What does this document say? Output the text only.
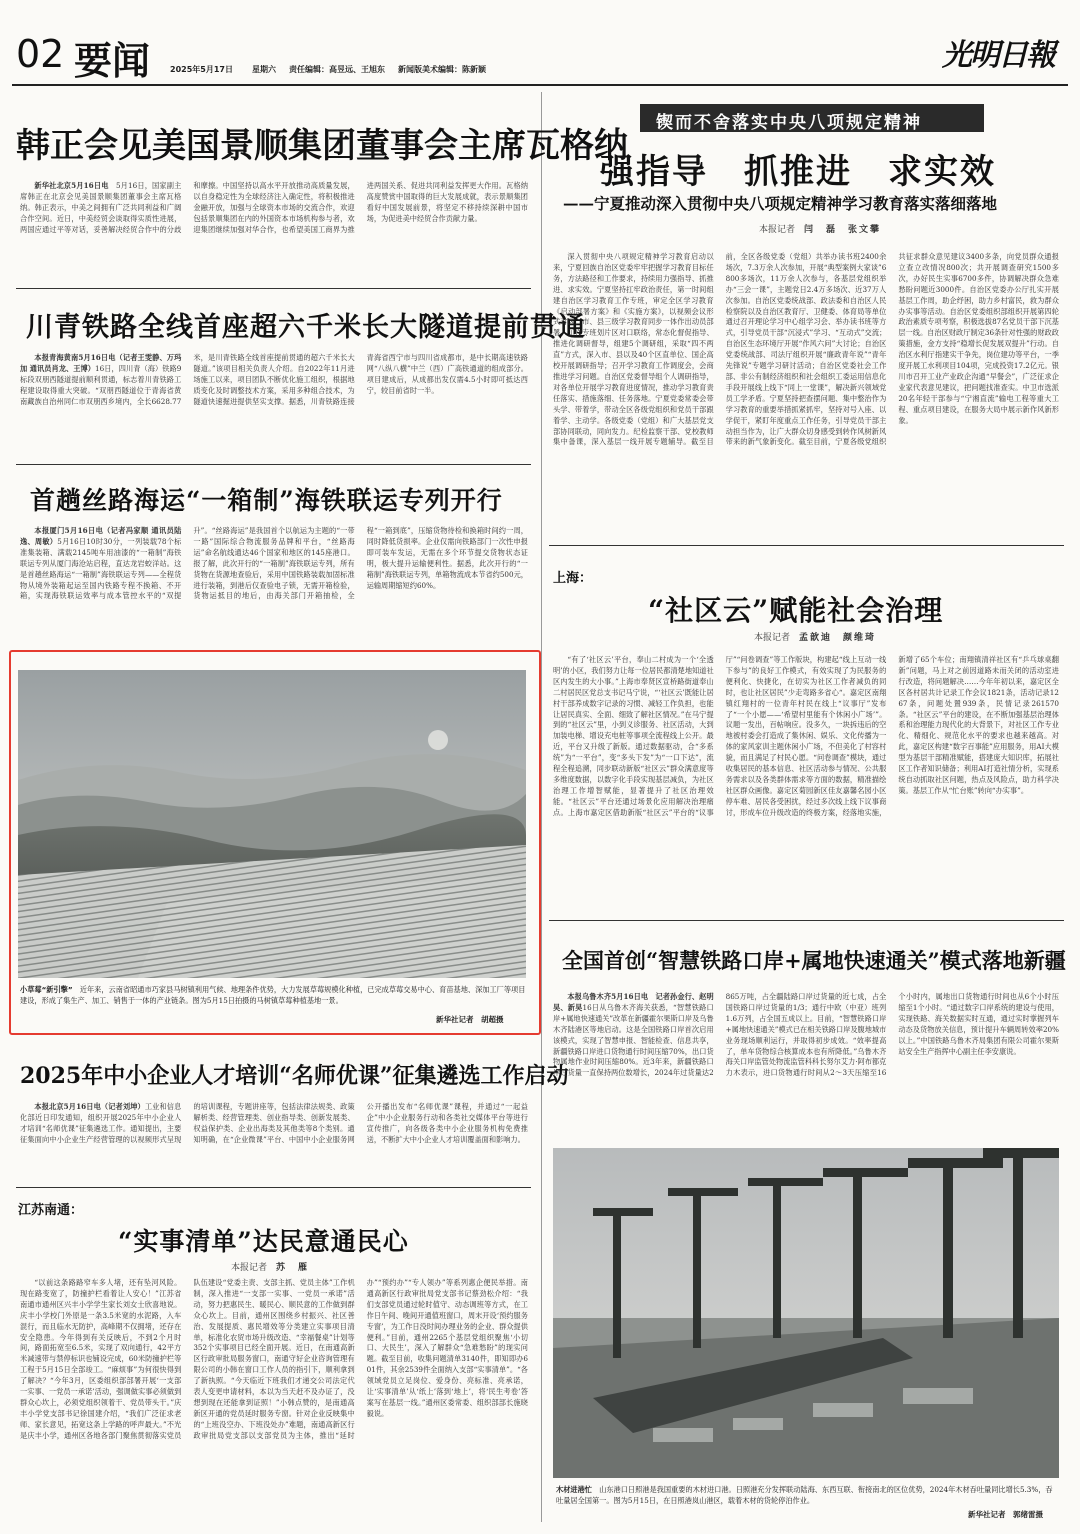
02 要闻 2025年5月17日 星期六 责任编辑：高昱远、王旭东 新闻版美术编辑：陈新颖	光明日報
韩正会见美国景顺集团董事会主席瓦格纳

新华社北京5月16日电　 5月16日，国家副主席韩正在北京会见美国景顺集团董事会主席瓦格纳。韩正表示，中美之间拥有广泛共同利益和广阔合作空间。近日，中美经贸会谈取得实质性进展，两国应通过平等对话，妥善解决经贸合作中的分歧和摩擦。中国坚持以高水平开放推动高质量发展，以自身稳定性为全球经济注入确定性，将积极推进金融开放，加强与全球资本市场的交流合作，欢迎包括景顺集团在内的外国资本市场机构参与者，欢迎集团继续加强对华合作，也希望美国工商界为推进两国关系、促进共同利益发挥更大作用。瓦格纳高度赞赏中国取得的巨大发展成就，表示景顺集团看好中国发展前景，将坚定不移持续深耕中国市场，为促进美中经贸合作贡献力量。

川青铁路全线首座超六千米长大隧道提前贯通

本报青海黄南5月16日电（记者王雯静、万玛加 通讯员肖龙、王博）16日，四川青（海）铁路9标段双朋西隧道提前顺利贯通，标志着川青铁路工程建设取得重大突破。“双朋西隧道位于青海省黄南藏族自治州同仁市双朋西乡境内，全长6628.77米，是川青铁路全线首座提前贯通的超六千米长大隧道。”该项目相关负责人介绍。自2022年11月进场施工以来，项目团队不断优化施工组织，根据地质变化及时调整技术方案，采用多种组合技术，为隧道快速掘进提供坚实支撑。据悉，川青铁路连接青海省西宁市与四川省成都市，是中长期高速铁路网“八纵八横”中兰（西）广高铁通道的组成部分。项目建成后，从成都出发仅需4.5小时即可抵达西宁，较目前省时一半。

首趟丝路海运“一箱制”海铁联运专列开行

本报厦门5月16日电（记者冯家顺 通讯员陆逸、周敏）5月16日10时30分，一列装载78个标准集装箱、满载2145吨车用油漆的“一箱制”海铁联运专列从厦门海沧站启程，直达龙岩蛟洋站。这是首趟丝路海运“一箱制”海铁联运专列——全程货物从境外装箱起运至国内铁路专程不换箱、不开箱，实现海铁联运效率与成本管控水平的“双提升”。“丝路海运”是我国首个以航运为主题的“一带一路”国际综合物流服务品牌和平台，“丝路海运”命名航线通达46个国家和地区的145座港口。报了解，此次开行的“一箱制”海铁联运专列，所有货物在货源地查验后，采用中国铁路装载加固标准进行装箱，到港后仅查验电子锁，无需开箱检验，货物运抵目的地后，由海关部门开箱抽检，全程“一箱到底”，压缩货物待检和换箱时间约一周，同时降低货损率。企业仅需向铁路部门一次性申报即可装车发运，无需在多个环节提交货物状态证明，极大提升运输便利性。据悉，此次开行的“一箱制”海铁联运专列，单箱物流成本节省约500元，运输周期缩短约60%。

小草莓“新引擎”　 近年来，云南省昭通市巧家县马树镇利用气候、地理条件优势，大力发展草莓规模化种植，已完成草莓交易中心、育苗基地、深加工厂等项目建设，形成了集生产、加工、销售于一体的产业链条。图为5月15日拍摄的马树镇草莓种植基地一景。
新华社记者　胡超摄
2025年中小企业人才培训“名师优课”征集遴选工作启动

本报北京5月16日电（记者刘坤）工业和信息化部近日印发通知，组织开展2025年中小企业人才培训“名师优课”征集遴选工作。通知提出，主要征集面向中小企业生产经营管理的以视频形式呈现的培训课程，专题讲座等，包括法律法规类、政策解析类、经营管理类、创业指导类、创新发展类、权益保护类、企业出海类及其他类等8个类别。通知明确，在“企业微课”平台、中国中小企业服务网公开播出发布“名师优课”课程，并通过“一起益企”中小企业服务行动和各类社交媒体平台等进行宣传推广，向各级各类中小企业服务机构免费推送，不断扩大中小企业人才培训覆盖面和影响力。

江苏南通：
“实事清单”达民意通民心
本报记者　 苏　雁

“以前这条路路窄车多人堵，还有坠河风险。现在路变宽了，防撞护栏看着让人安心！”江苏省南通市通州区兴丰小学学生家长刘女士欣喜地说。庆丰小学校门外原是一条3.5米宽的水泥路，入车混行，而且临水无防护，高峰期不仅拥堵，还存在安全隐患。今年得到有关反映后，不到2个月时间，路面拓宽至6.5米，实现了双向通行，42平方米减速带与禁停标识也铺设完成，60米防撞护栏等工程于5月15日全部竣工。“麻烦事”为何很快得到了解决？“今年3月，区委组织部部署开展‘一支部一实事、一党员一承诺’活动，强调做实事必须做到群众心坎上，必须党组织领着干、党员带头干。”庆丰小学党支部书记徐国建介绍，“我们广泛征求老师、家长意见，拓宽这条上学路的呼声最大。”不光是庆丰小学，通州区各地各部门聚焦贯彻落实党员队伍建设“党委主责、支部主抓、党员主体”工作机制，深入推进“一支部一实事、一党员一承诺”活动，努力把惠民生、暖民心、顺民意的工作做到群众心坎上。目前，通州区围绕乡村振兴、社区善治、发展提质、惠民增效等分类建立实事项目清单，标准化农贸市场升级改造、“幸福餐桌”计划等352个实事项目已经全面开展。近日，在南通高新区行政审批局服务窗口，南通守好企业咨询管理有限公司的小韩在窗口工作人员的指引下，顺利拿到了新执照。“今天临近下班我们才递交公司法定代表人变更申请材料，本以为当天赶不及办证了，没想到现在还能拿到证照！”小韩点赞的，是南通高新区开通的党员延时服务专窗。针对企业反映集中的“上班没空办、下班没处办”难题，南通高新区行政审批局党支部以支部党员为主体，推出“延时办”“预约办”“专人领办”等系列惠企便民举措。南通高新区行政审批局党支部书记蔡劲松介绍：“我们支部党员通过轮时值守、动态调班等方式，在工作日午间、晚间开通值班窗口，周末开设‘预约服务专窗’，为工作日没时间办理业务的企业、群众提供便利。”目前，通州2265个基层党组织聚焦‘小切口、大民生’，深入了解群众“急难愁盼”的现实问题。截至目前，收集问题清单3140件，即知即办601件，其余2539件全面纳入支部“实事清单”。“各领域党员立足岗位、爱身份、亮标准、亮承诺，让‘实事清单’从‘纸上’落到‘地上’，将‘民生考卷’答案写在基层一线。”通州区委常委、组织部部长施晓毅说。

锲而不舍落实中央八项规定精神
强指导　抓推进　求实效
——宁夏推动深入贯彻中央八项规定精神学习教育落实落细落地
本报记者　 闫　磊　张文攀

深入贯彻中央八项规定精神学习教育启动以来，宁夏回族自治区党委牢牢把握学习教育目标任务，方法路径和工作要求，持续用力强指导、抓推进、求实效。宁夏坚持扛牢政治责任，第一时间组建自治区学习教育工作专班，审定全区学习教育《启动部署方案》和《实施方案》，以视频会议形式对区、市、县三级学习教育同步一体作出动员部署。工作专班划片区对口联络，常态化督促指导、推进化调研督导，组建5个调研组，采取“四不两直”方式，深入市、县以及40个区直单位、国企高校开展调研指导；召开学习教育工作调度会，会商推进学习问题。自治区党委督导组个人调研指导，对各单位开展学习教育进度情况，推动学习教育责任落实、措施落细、任务落地。宁夏党委常委会带头学、带着学，带动全区各级党组织和党员干部跟着学、主动学。各级党委（党组）和广大基层党支部协同联动，同向发力。纪检监察干部、党校教师集中备课，深入基层一线开展专题辅导。截至目前，全区各级党委（党组）共举办读书班2400余场次，7.3万余人次参加，开展“典型案例大家谈”6800多场次，11万余人次参与，各基层党组织举办“三会一课”，主题党日2.4万多场次、近37万人次参加。自治区党委统战部、政法委和自治区人民检察院以及自治区教育厅、卫健委、体育局等单位通过召开理论学习中心组学习会、举办读书班等方式，引导党员干部“沉浸式”学习、“互动式”交流；自治区生态环境厅开展“作风六问”大讨论；自治区党委统战部、司法厅组织开展“廉政青年说”“青年先锋说”专题学习研讨活动；自治区党委社会工作部、非公有制经济组织和社会组织工委运用信息化手段开展线上线下“同上一堂课”，解决新兴领域党员工学矛盾。宁夏坚持把查摆问题、集中整治作为学习教育的重要举措抓紧抓牢，坚持对号入座、以学促干，紧盯年度重点工作任务，引导党员干部主动担当作为，让广大群众切身感受到转作风树新风带来的新气象新变化。截至目前，宁夏各级党组织共征求群众意见建议3400多条，向党员群众通报立查立改情况800次；共开展调查研究1500多次，办好民生实事6700多件，协调解决群众急难愁盼问题近3000件。自治区党委办公厅扎实开展基层工作周，助企纾困，助力乡村富民，救为群众办实事等活动。自治区党委组织部组织开展第四轮政治素质专项考察，积极选拔87名党员干部下沉基层一线。自治区财政厅制定36条针对性强的财政政策措施，金方支持“稳增长促发展双提升”行动。自治区水利厅指建实干争先，岗位建功等平台，一季度开展工水利项目104项，完成投资17.2亿元。银川市召开工业产业政企沟通“早餐会”，广泛征求企业家代表意见建议，把问题找准查实。中卫市选派20名年轻干部参与“宁湘直流”输电工程等重大工程、重点项目建设，在服务大局中展示新作风新形象。

上海：
“社区云”赋能社会治理
本报记者　 孟歆迪　颜维琦

“有了‘社区云’平台，奉山二村成为一个‘全透明’的小区，我们努力让每一位居民都清楚地知道社区内发生的大小事。”上海市奉贤区宣桥路街道奉山二村居民区党总支书记马宁说，“‘社区云’既能让居村干部养成数字记录的习惯、减轻工作负担，也能让居民真实、全面、细致了解社区情况。”在马宁提到的“社区云”里，小到义诊服务、社区活动，大到加装电梯、增设充电桩等事项全流程线上公开。最近，平台又升级了新版。通过数据驱动，合“多系统”为“一平台”，变“多头下发”为“一口下达”，流程全程追溯，同步联动新版“社区云”群众满意度等多维度数据，以数字化手段实现基层减负，为社区治理工作增智赋能，显著提升了社区治理效能。“社区云”平台还通过场景化应用解决治理痛点。上海市嘉定区借助新版“社区云”平台的“议事厅”“问卷调查”等工作版块，构建起“线上互动一线下参与”的良好工作模式，有效实现了为民服务的便利化、快捷化，在切实为社区工作者减负的同时，也让社区居民”少走弯路多省心“。嘉定区南翔镇红翔村的一位青年村民在线上“议事厅”发布了“一个小愿——‘希望村里能有个休闲小广场’”。议题一发出，百帖响应。没多久，一块拆违后的空地被村委会打造成了集休闲、娱乐、文化传播为一体的家风家训主题休闲小广场，不但美化了村容村貌，而且满足了村民心愿。“问卷调查”模块，通过收集居民的基本信息、社区活动参与情况、公共服务需求以及各类群体需求等方面的数据，精准描绘社区群众画像。嘉定区菊园新区佳友嘉馨名园小区停车难、居民各受困扰，经过多次线上线下议事商讨，形成车位升级改造的终极方案，经落地实施，新增了65个车位；南翔镇清祥社区有“乒乓球桌翻新”问题，马上对之前因道路未而关闭的活动室进行改造，将问题解决……今年年初以来，嘉定区全区各村居共计记录工作会议1821条，活动记录1267条，问题处置939条，民情记录261570条。“社区云”平台的建设，在不断加强基层治理体系和治理能力现代化的大背景下，对社区工作专业化、精细化、规范化水平的要求也越来越高。对此，嘉定区构建“数字百事能”应用服务，用AI大模型为基层干部精准赋能，搭建庞大知识库，拓展社区工作者知识储备；利用AI打造社情分析，实现系统自动抓取社区问题，热点及风险点，助力科学决策。基层工作从“忙台账”转向“办实事”。

全国首创“智慧铁路口岸+属地快速通关”模式落地新疆

本报乌鲁木齐5月16日电　记者孙金行、赵明昊、新昊16日从乌鲁木齐海关获悉，“智慧铁路口岸+属地快速通关”改革在新疆霍尔果斯口岸及乌鲁木齐陆港区等地启动。这是全国铁路口岸首次启用该模式，实现了智慧申报、智能检查、信息共享，新疆铁路口岸进口货物通行时间压缩70%，出口货物属地作业时间压缩80%。近3年来，新疆铁路口岸过货量一直保持两位数增长，2024年过货量达2865万吨，占全疆陆路口岸过货量的近七成，占全国铁路口岸过货量的1/3；通行中欧（中亚）班列1.6万列，占全国五成以上。目前，“智慧铁路口岸+属地快速通关”模式已在相关铁路口岸及腹地城市业务现场顺利运行，并取得初步成效。“效率提高了，单车货物综合核算成本也有所降低。”乌鲁木齐海关口岸监管处物流监管科科长努尔艾力·阿布都克力木表示，进口货物通行时间从2～3天压缩至16个小时内，属地出口货物通行时间也从6个小时压缩至1个小时。“通过数字口岸系统的建设与使用，实现铁路、海关数据实时互通，通过实时掌握列车动态及货物放关信息，预计提升车辆周转效率20%以上。”中国铁路乌鲁木齐局集团有限公司霍尔果斯站安全生产指挥中心副主任李安康说。

木材进港忙　 山东港口日照港是我国重要的木材进口港。日照港充分发挥联动陆海、东西互联、衔接南北的区位优势，2024年木材吞吐量同比增长5.3%，吞吐量居全国第一。图为5月15日，在日照港岚山港区，载着木材的货轮停泊作业。
新华社记者　郭绪雷摄
